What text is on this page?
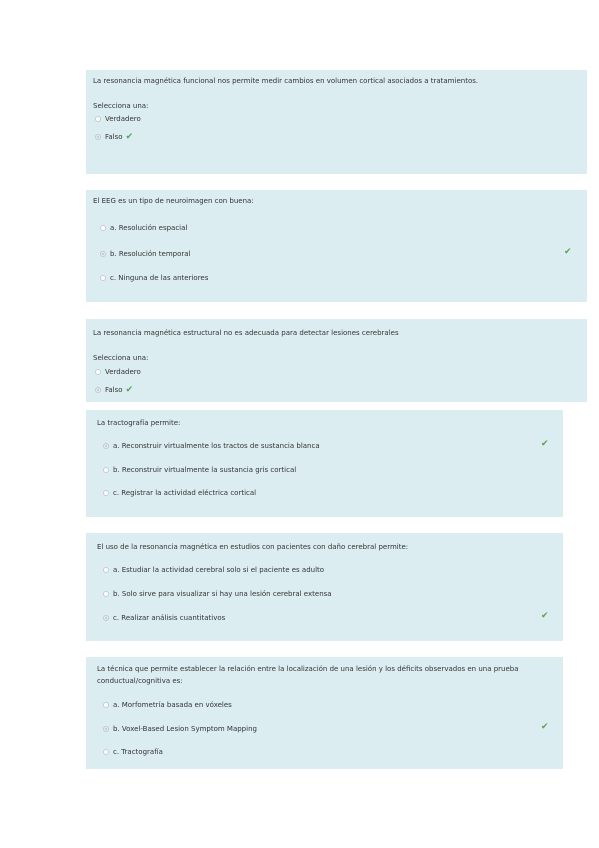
La resonancia magnética funcional nos permite medir cambios en volumen cortical asociados a tratamientos.
Selecciona una:
Verdadero
Falso ✔
El EEG es un tipo de neuroimagen con buena:
a. Resolución espacial
b. Resolución temporal	✔
c. Ninguna de las anteriores
La resonancia magnética estructural no es adecuada para detectar lesiones cerebrales
Selecciona una:
Verdadero
Falso ✔
La tractografía permite:
a. Reconstruir virtualmente los tractos de sustancia blanca	✔
b. Reconstruir virtualmente la sustancia gris cortical
c. Registrar la actividad eléctrica cortical
El uso de la resonancia magnética en estudios con pacientes con daño cerebral permite:
a. Estudiar la actividad cerebral solo si el paciente es adulto
b. Solo sirve para visualizar si hay una lesión cerebral extensa
c. Realizar análisis cuantitativos	✔
La técnica que permite establecer la relación entre la localización de una lesión y los déficits observados en una prueba
conductual/cognitiva es:
a. Morfometría basada en vóxeles
b. Voxel-Based Lesion Symptom Mapping	✔
c. Tractografía
